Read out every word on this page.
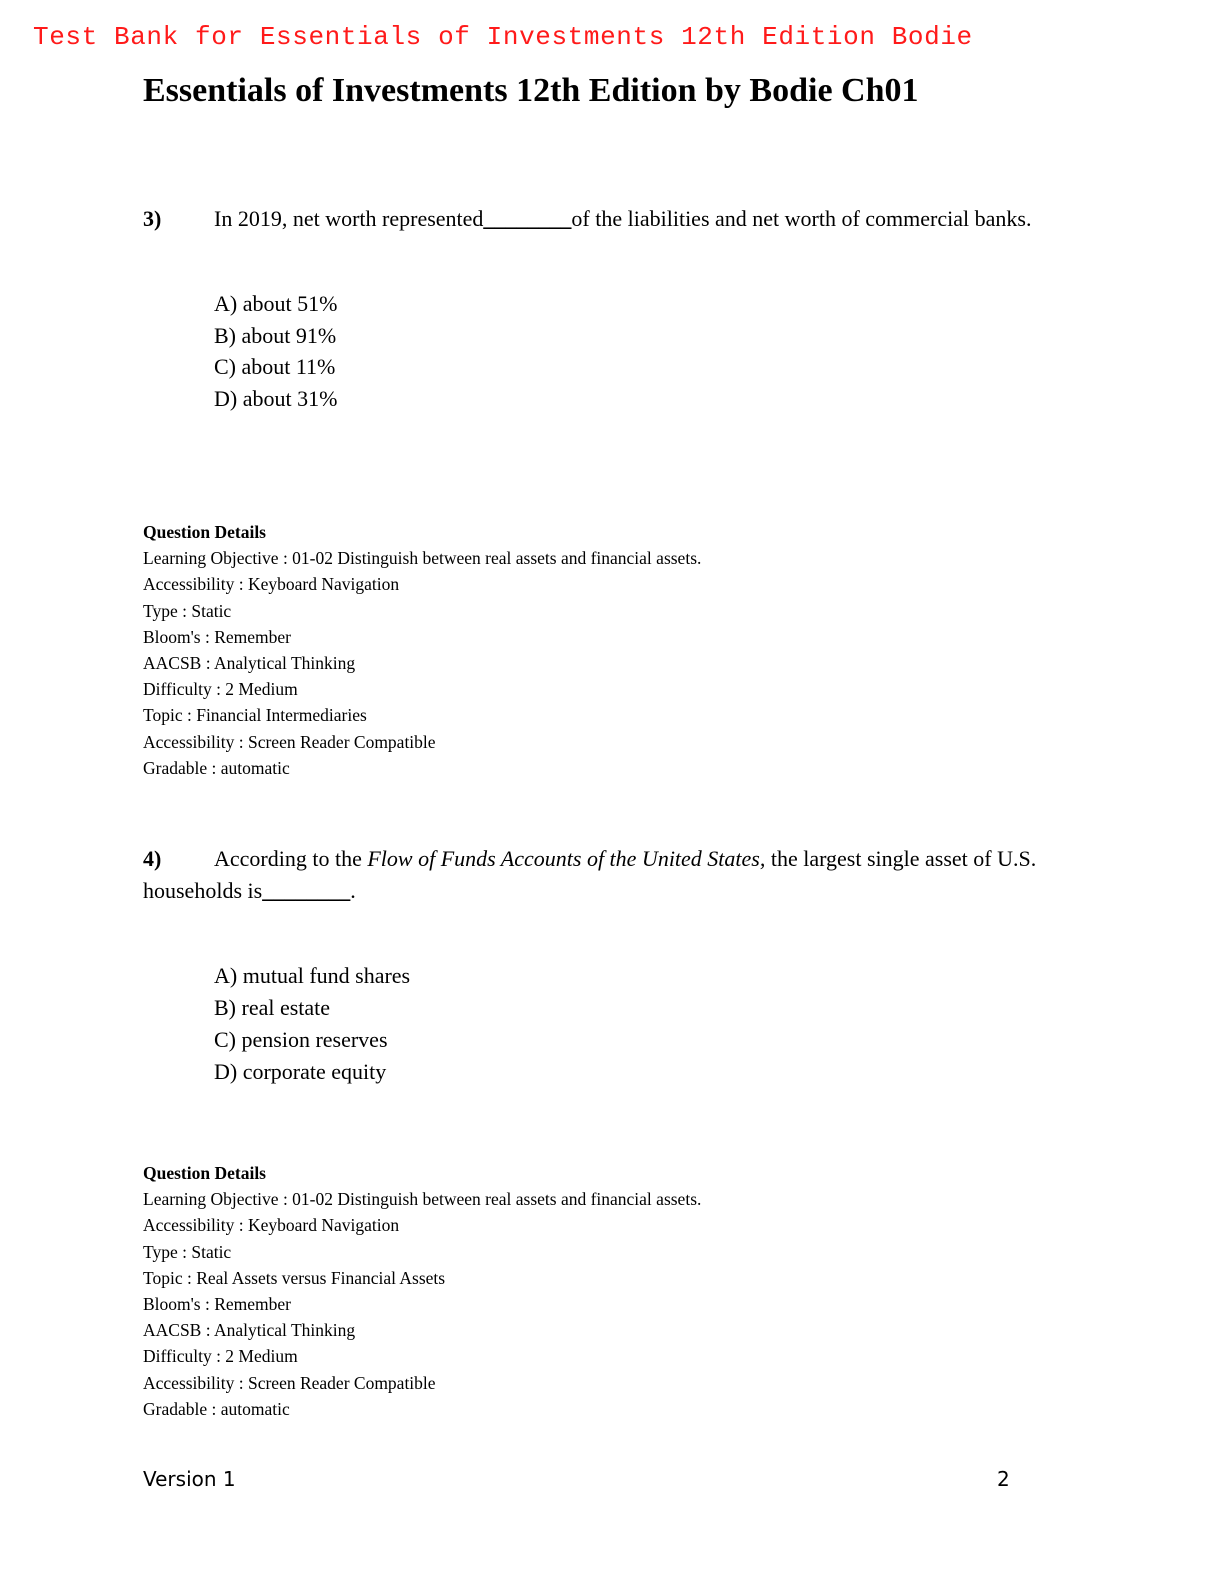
Test Bank for Essentials of Investments 12th Edition Bodie
Essentials of Investments 12th Edition by Bodie Ch01
3) In 2019, net worth represented________of the liabilities and net worth of commercial banks.
A) about 51%
B) about 91%
C) about 11%
D) about 31%
Question Details
Learning Objective : 01-02 Distinguish between real assets and financial assets.
Accessibility : Keyboard Navigation
Type : Static
Bloom's : Remember
AACSB : Analytical Thinking
Difficulty : 2 Medium
Topic : Financial Intermediaries
Accessibility : Screen Reader Compatible
Gradable : automatic
4) According to the Flow of Funds Accounts of the United States, the largest single asset of U.S. households is________.
A) mutual fund shares
B) real estate
C) pension reserves
D) corporate equity
Question Details
Learning Objective : 01-02 Distinguish between real assets and financial assets.
Accessibility : Keyboard Navigation
Type : Static
Topic : Real Assets versus Financial Assets
Bloom's : Remember
AACSB : Analytical Thinking
Difficulty : 2 Medium
Accessibility : Screen Reader Compatible
Gradable : automatic
Version 1	2
